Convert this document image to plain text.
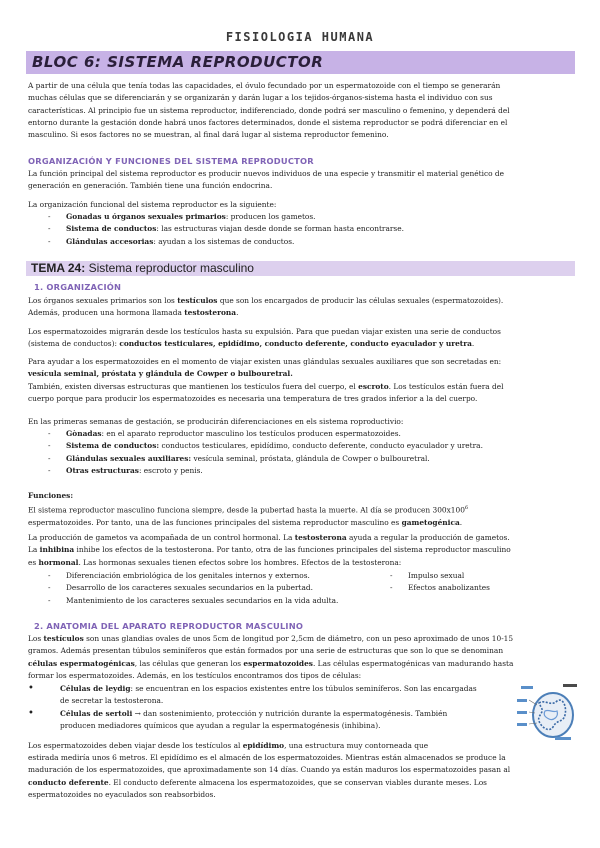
FISIOLOGIA HUMANA
BLOC 6: SISTEMA REPRODUCTOR
A partir de una célula que tenía todas las capacidades, el óvulo fecundado por un espermatozoide con el tiempo se generarán
muchas células que se diferenciarán y se organizarán y darán lugar a los tejidos-órganos-sistema hasta el individuo con sus
características. Al principio fue un sistema reproductor, indiferenciado, donde podrá ser masculino o femenino, y dependerá del
entorno durante la gestación donde habrá unos factores determinados, donde el sistema reproductor se podrá diferenciar en el
masculino. Si esos factores no se muestran, al final dará lugar al sistema reproductor femenino.
ORGANIZACIÓN Y FUNCIONES DEL SISTEMA REPRODUCTOR
La función principal del sistema reproductor es producir nuevos individuos de una especie y transmitir el material genético de
generación en generación. También tiene una función endocrina.
La organización funcional del sistema reproductor es la siguiente:
- Gonadas u órganos sexuales primarios: producen los gametos.
- Sistema de conductos: las estructuras viajan desde donde se forman hasta encontrarse.
- Glándulas accesorias: ayudan a los sistemas de conductos.
TEMA 24: Sistema reproductor masculino
1. ORGANIZACIÓN
Los órganos sexuales primarios son los testículos que son los encargados de producir las células sexuales (espermatozoides).
Además, producen una hormona llamada testosterona.
Los espermatozoides migrarán desde los testículos hasta su expulsión. Para que puedan viajar existen una serie de conductos
(sistema de conductos): conductos testiculares, epidídimo, conducto deferente, conducto eyaculador y uretra.
Para ayudar a los espermatozoides en el momento de viajar existen unas glándulas sexuales auxiliares que son secretadas en:
vesícula seminal, próstata y glándula de Cowper o bulbouretral.
También, existen diversas estructuras que mantienen los testículos fuera del cuerpo, el escroto. Los testículos están fuera del
cuerpo porque para producir los espermatozoides es necesaria una temperatura de tres grados inferior a la del cuerpo.
En las primeras semanas de gestación, se producirán diferenciaciones en els sistema roproductivio:
- Gònadas: en el aparato reproductor masculino los testículos producen espermatozoides.
- Sistema de conductos: conductos testiculares, epidídimo, conducto deferente, conducto eyaculador y uretra.
- Glándulas sexuales auxiliares: vesícula seminal, próstata, glándula de Cowper o bulbouretral.
- Otras estructuras: escroto y penis.
Funciones:
El sistema reproductor masculino funciona siempre, desde la pubertad hasta la muerte. Al día se producen $300x100^6$
espermatozoides. Por tanto, una de las funciones principales del sistema reproductor masculino es gametogénica.
La producción de gametos va acompañada de un control hormonal. La testosterona ayuda a regular la producción de gametos.
La inhibina inhibe los efectos de la testosterona. Por tanto, otra de las funciones principales del sistema reproductor masculino
es hormonal. Las hormonas sexuales tienen efectos sobre los hombres. Efectos de la testosterona:
- Diferenciación embriológica de los genitales internos y externos.
- Desarrollo de los caracteres sexuales secundarios en la pubertad.
- Mantenimiento de los caracteres sexuales secundarios en la vida adulta.
- Impulso sexual
- Efectos anabolizantes
2. ANATOMIA DEL APARATO REPRODUCTOR MASCULINO
Los testículos son unas glandias ovales de unos 5cm de longitud por 2,5cm de diámetro, con un peso aproximado de unos 10-15
gramos. Además presentan túbulos seminíferos que están formados por una serie de estructuras que son lo que se denominan
células espermatogénicas, las células que generan los espermatozoides. Las células espermatogénicas van madurando hasta
formar los espermatozoides. Además, en los testículos encontramos dos tipos de células:
• Células de leydig: se encuentran en los espacios existentes entre los túbulos seminíferos. Son las encargadas
de secretar la testosterona.
• Células de sertoli → dan sostenimiento, protección y nutrición durante la espermatogénesis. También
producen mediadores químicos que ayudan a regular la espermatogénesis (inhibina).
Los espermatozoides deben viajar desde los testículos al epidídimo, una estructura muy contorneada que
estirada mediría unos 6 metros. El epidídimo es el almacén de los espermatozoides. Mientras están almacenados se produce la
maduración de los espermatozoides, que aproximadamente son 14 días. Cuando ya están maduros los espermatozoides pasan al
conducto deferente. El conducto deferente almacena los espermatozoides, que se conservan viables durante meses. Los
espermatozoides no eyaculados son reabsorbidos.
